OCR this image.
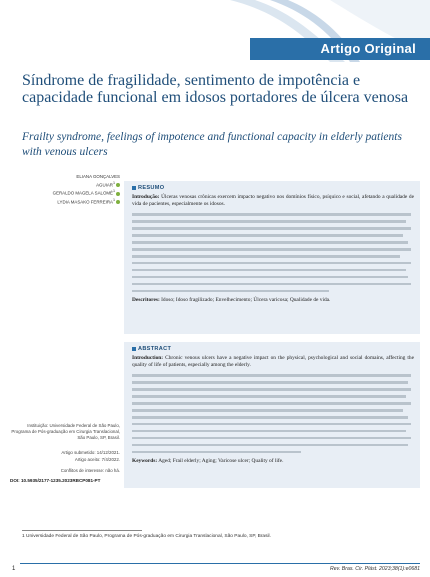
Artigo Original
Síndrome de fragilidade, sentimento de impotência e capacidade funcional em idosos portadores de úlcera venosa
Frailty syndrome, feelings of impotence and functional capacity in elderly patients with venous ulcers
ELIANA GONÇALVES
AGUIAR$^1$
GERALDO MAGELA SALOMÉ$^1$
LYDIA MASAKO FERREIRA$^1$
Instituição: Universidade Federal de São Paulo, Programa de Pós-graduação em Cirurgia Translacional, São Paulo, SP, Brasil.
Artigo submetido: 14/12/2021.
Artigo aceito: 7/4/2022.
Conflitos de interesse: não há.
DOI: 10.5935/2177-1235.2023RBCP081-PT
RESUMO
Introdução: Úlceras venosas crônicas exercem impacto negativo nos domínios físico, psíquico e social, afetando a qualidade de vida de pacientes, especialmente os idosos.
Descritores: Idoso; Idoso fragilizado; Envelhecimento; Úlcera varicosa; Qualidade de vida.
ABSTRACT
Introduction: Chronic venous ulcers have a negative impact on the physical, psychological and social domains, affecting the quality of life of patients, especially among the elderly.
Keywords: Aged; Frail elderly; Aging; Varicose ulcer; Quality of life.
1 Universidade Federal de São Paulo, Programa de Pós-graduação em Cirurgia Translacional, São Paulo, SP, Brasil.
1	Rev. Bras. Cir. Plást. 2023;38(1):e0681
